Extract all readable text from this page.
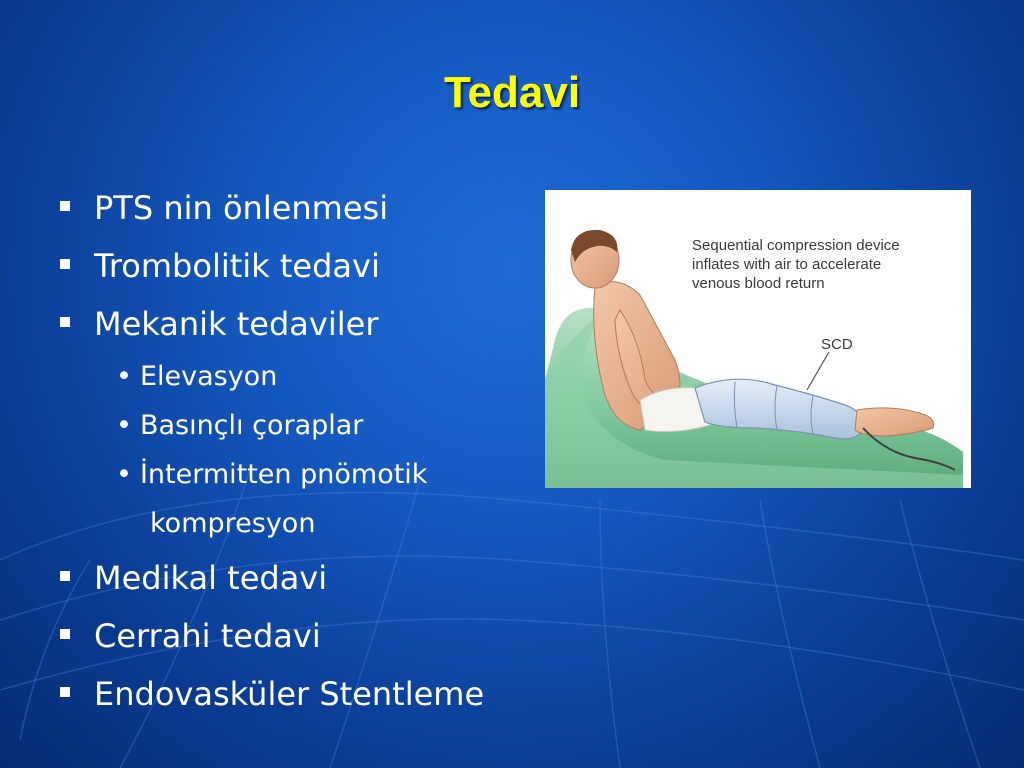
Tedavi
PTS nin önlenmesi
Trombolitik tedavi
Mekanik tedaviler
• Elevasyon
• Basınçlı çoraplar
• İntermitten pnömotik
kompresyon
Medikal tedavi
Cerrahi tedavi
Endovasküler Stentleme
Sequential compression device
inflates with air to accelerate
venous blood return
SCD
